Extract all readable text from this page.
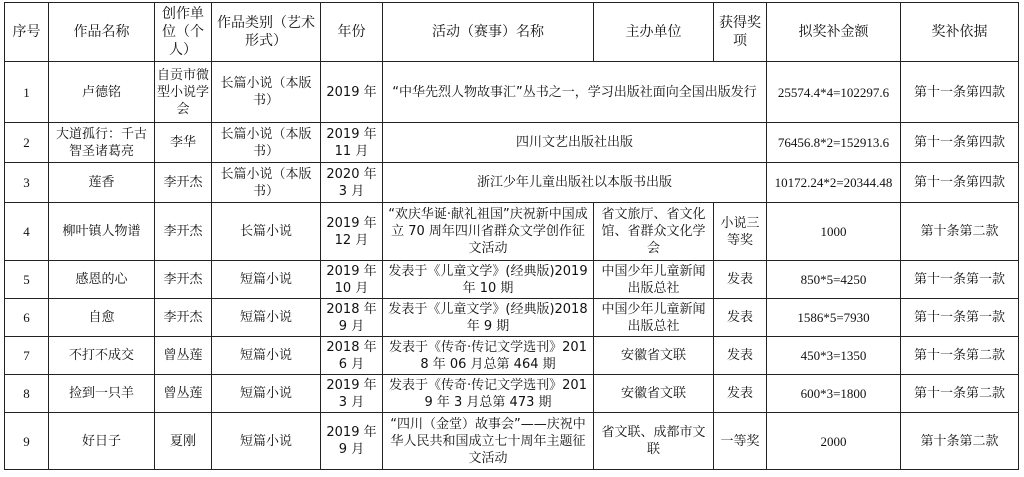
序号	作品名称	创作单位（个人）	作品类别（艺术形式）	年份	活动（赛事）名称	主办单位	获得奖项	拟奖补金额	奖补依据
1	卢德铭	自贡市微型小说学会	长篇小说（本版书）	2019 年	“中华先烈人物故事汇”丛书之一，学习出版社面向全国出版发行			25574.4*4=102297.6	第十一条第四款
2	大道孤行：千古智圣诸葛亮	李华	长篇小说（本版书）	2019 年 11 月	四川文艺出版社出版			76456.8*2=152913.6	第十一条第四款
3	莲香	李开杰	长篇小说（本版书）	2020 年 3 月	浙江少年儿童出版社以本版书出版			10172.24*2=20344.48	第十一条第四款
4	柳叶镇人物谱	李开杰	长篇小说	2019 年 12 月	“欢庆华诞·献礼祖国”庆祝新中国成立 70 周年四川省群众文学创作征文活动	省文旅厅、省文化馆、省群众文化学会	小说三等奖	1000	第十条第二款
5	感恩的心	李开杰	短篇小说	2019 年 10 月	发表于《儿童文学》(经典版)2019 年 10 期	中国少年儿童新闻出版总社	发表	850*5=4250	第十一条第一款
6	自愈	李开杰	短篇小说	2018 年 9 月	发表于《儿童文学》(经典版)2018 年 9 期	中国少年儿童新闻出版总社	发表	1586*5=7930	第十一条第一款
7	不打不成交	曾丛莲	短篇小说	2018 年 6 月	发表于《传奇·传记文学选刊》2018 年 06 月总第 464 期	安徽省文联	发表	450*3=1350	第十一条第二款
8	捡到一只羊	曾丛莲	短篇小说	2019 年 3 月	发表于《传奇·传记文学选刊》2019 年 3 月总第 473 期	安徽省文联	发表	600*3=1800	第十一条第二款
9	好日子	夏刚	短篇小说	2019 年 9 月	“四川（金堂）故事会”——庆祝中华人民共和国成立七十周年主题征文活动	省文联、成都市文联	一等奖	2000	第十条第二款
